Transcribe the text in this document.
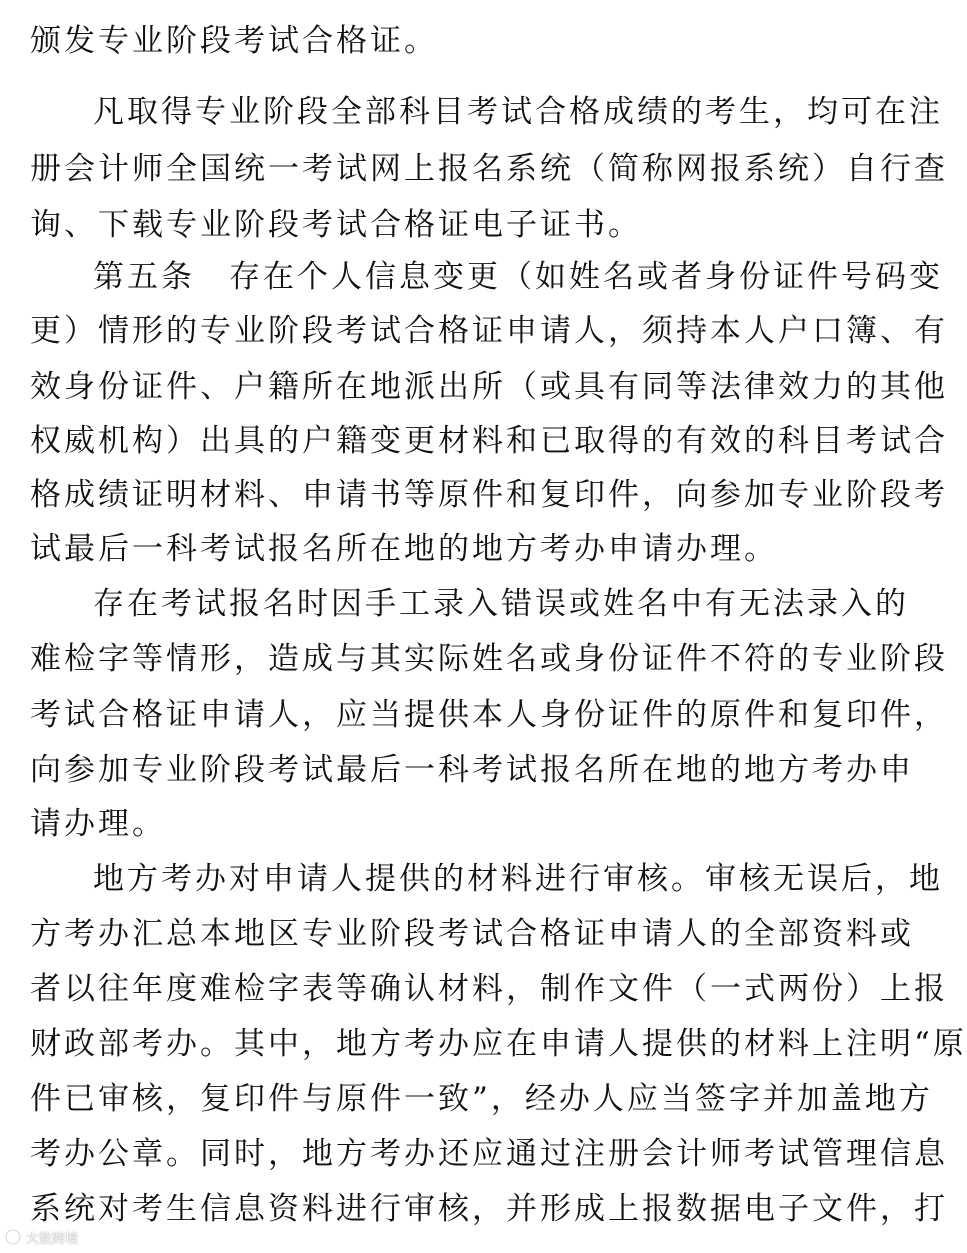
颁发专业阶段考试合格证。
凡取得专业阶段全部科目考试合格成绩的考生，均可在注
册会计师全国统一考试网上报名系统（简称网报系统）自行查
询、下载专业阶段考试合格证电子证书。
第五条　存在个人信息变更（如姓名或者身份证件号码变
更）情形的专业阶段考试合格证申请人，须持本人户口簿、有
效身份证件、户籍所在地派出所（或具有同等法律效力的其他
权威机构）出具的户籍变更材料和已取得的有效的科目考试合
格成绩证明材料、申请书等原件和复印件，向参加专业阶段考
试最后一科考试报名所在地的地方考办申请办理。
存在考试报名时因手工录入错误或姓名中有无法录入的
难检字等情形，造成与其实际姓名或身份证件不符的专业阶段
考试合格证申请人，应当提供本人身份证件的原件和复印件，
向参加专业阶段考试最后一科考试报名所在地的地方考办申
请办理。
地方考办对申请人提供的材料进行审核。审核无误后，地
方考办汇总本地区专业阶段考试合格证申请人的全部资料或
者以往年度难检字表等确认材料，制作文件（一式两份）上报
财政部考办。其中，地方考办应在申请人提供的材料上注明“原
件已审核，复印件与原件一致”，经办人应当签字并加盖地方
考办公章。同时，地方考办还应通过注册会计师考试管理信息
系统对考生信息资料进行审核，并形成上报数据电子文件，打
大数跨境
